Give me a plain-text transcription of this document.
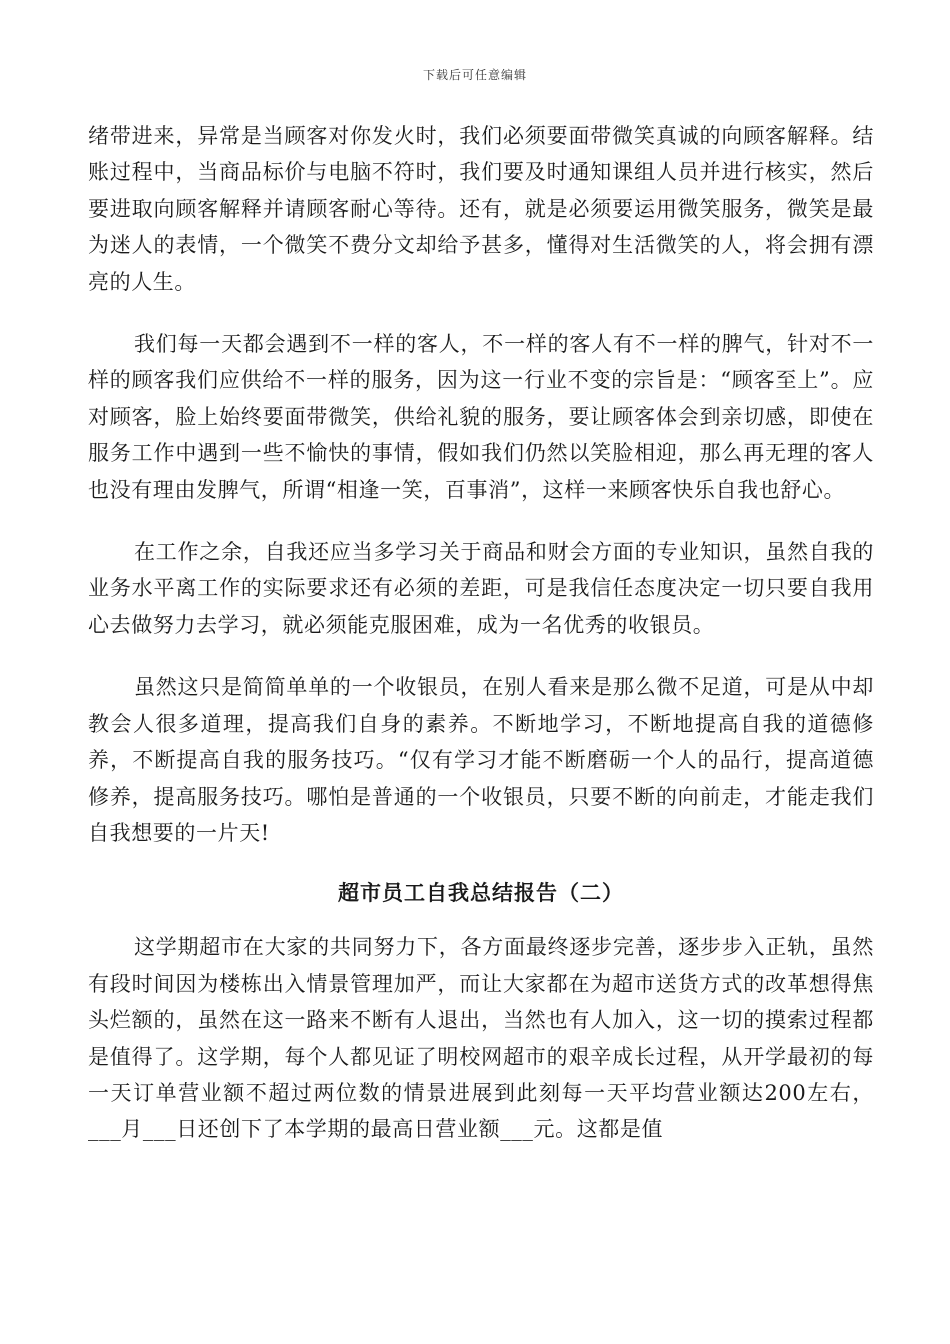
下载后可任意编辑

绪带进来，异常是当顾客对你发火时，我们必须要面带微笑真诚的向顾客解释。结账过程中，当商品标价与电脑不符时，我们要及时通知课组人员并进行核实，然后要进取向顾客解释并请顾客耐心等待。还有，就是必须要运用微笑服务，微笑是最为迷人的表情，一个微笑不费分文却给予甚多，懂得对生活微笑的人，将会拥有漂亮的人生。

我们每一天都会遇到不一样的客人，不一样的客人有不一样的脾气，针对不一样的顾客我们应供给不一样的服务，因为这一行业不变的宗旨是：“顾客至上”。应对顾客，脸上始终要面带微笑，供给礼貌的服务，要让顾客体会到亲切感，即使在服务工作中遇到一些不愉快的事情，假如我们仍然以笑脸相迎，那么再无理的客人也没有理由发脾气，所谓“相逢一笑，百事消”，这样一来顾客快乐自我也舒心。

在工作之余，自我还应当多学习关于商品和财会方面的专业知识，虽然自我的业务水平离工作的实际要求还有必须的差距，可是我信任态度决定一切只要自我用心去做努力去学习，就必须能克服困难，成为一名优秀的收银员。

虽然这只是简简单单的一个收银员，在别人看来是那么微不足道，可是从中却教会人很多道理，提高我们自身的素养。不断地学习，不断地提高自我的道德修养，不断提高自我的服务技巧。“仅有学习才能不断磨砺一个人的品行，提高道德修养，提高服务技巧。哪怕是普通的一个收银员，只要不断的向前走，才能走我们自我想要的一片天!

超市员工自我总结报告（二）

这学期超市在大家的共同努力下，各方面最终逐步完善，逐步步入正轨，虽然有段时间因为楼栋出入情景管理加严，而让大家都在为超市送货方式的改革想得焦头烂额的，虽然在这一路来不断有人退出，当然也有人加入，这一切的摸索过程都是值得了。这学期，每个人都见证了明校网超市的艰辛成长过程，从开学最初的每一天订单营业额不超过两位数的情景进展到此刻每一天平均营业额达200左右，___月___日还创下了本学期的最高日营业额___元。这都是值
